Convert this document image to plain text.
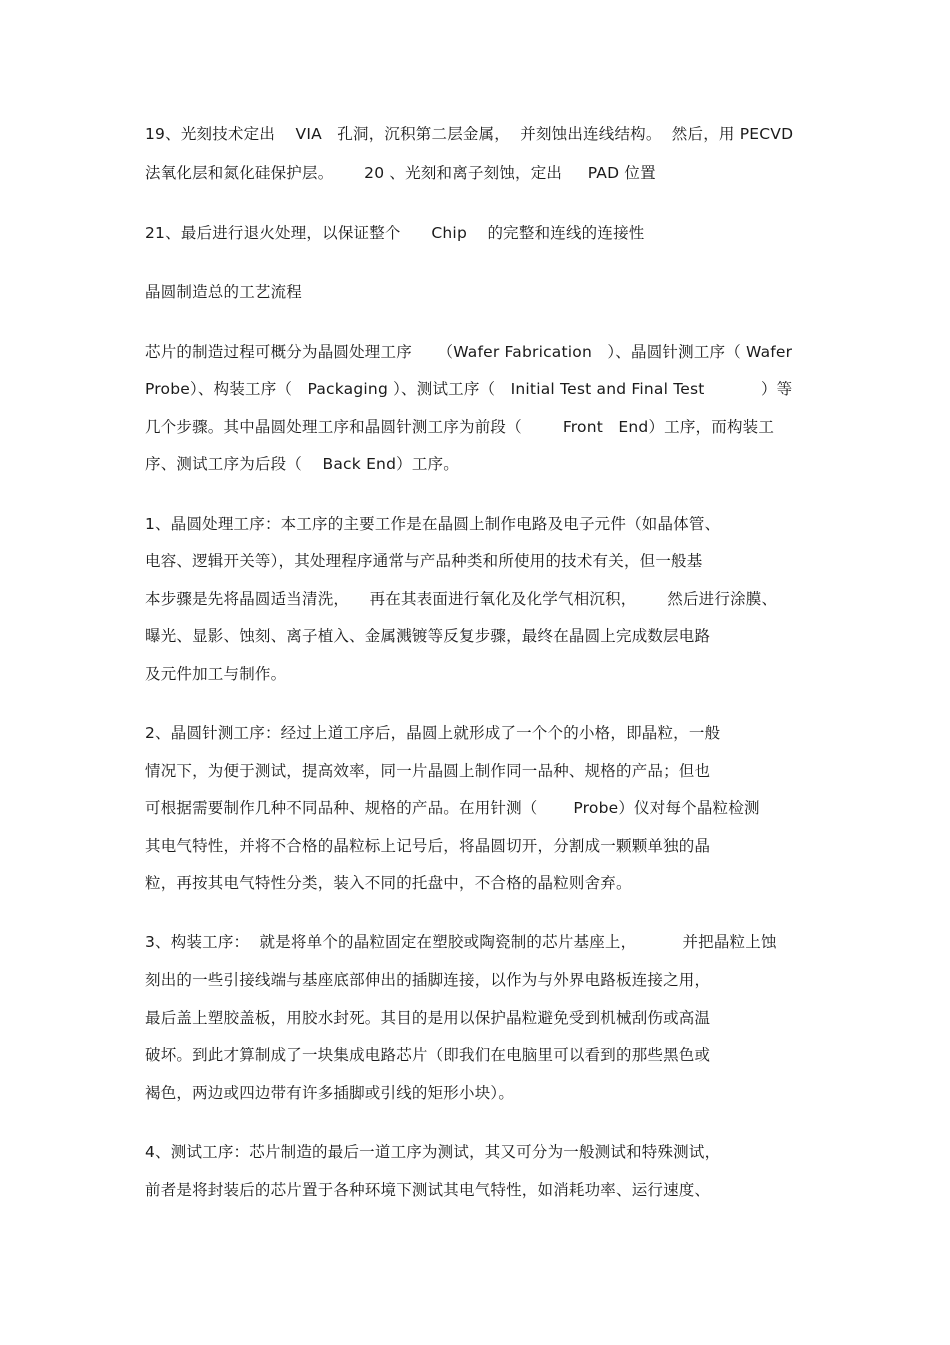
19、光刻技术定出    VIA   孔洞，沉积第二层金属，  并刻蚀出连线结构。  然后，用 PECVD
法氧化层和氮化硅保护层。      20 、光刻和离子刻蚀，定出     PAD 位置
21、最后进行退火处理，以保证整个      Chip    的完整和连线的连接性
晶圆制造总的工艺流程
芯片的制造过程可概分为晶圆处理工序     （Wafer Fabrication   ）、晶圆针测工序（ Wafer
Probe）、构装工序（   Packaging ）、测试工序（   Initial Test and Final Test           ）等
几个步骤。其中晶圆处理工序和晶圆针测工序为前段（        Front   End）工序，而构装工
序、测试工序为后段（    Back End）工序。
1、晶圆处理工序：本工序的主要工作是在晶圆上制作电路及电子元件（如晶体管、
电容、逻辑开关等），其处理程序通常与产品种类和所使用的技术有关，但一般基
本步骤是先将晶圆适当清洗，    再在其表面进行氧化及化学气相沉积，      然后进行涂膜、
曝光、显影、蚀刻、离子植入、金属溅镀等反复步骤，最终在晶圆上完成数层电路
及元件加工与制作。
2、晶圆针测工序：经过上道工序后，晶圆上就形成了一个个的小格，即晶粒，一般
情况下，为便于测试，提高效率，同一片晶圆上制作同一品种、规格的产品；但也
可根据需要制作几种不同品种、规格的产品。在用针测（       Probe）仪对每个晶粒检测
其电气特性，并将不合格的晶粒标上记号后，将晶圆切开，分割成一颗颗单独的晶
粒，再按其电气特性分类，装入不同的托盘中，不合格的晶粒则舍弃。
3、构装工序：  就是将单个的晶粒固定在塑胶或陶瓷制的芯片基座上，         并把晶粒上蚀
刻出的一些引接线端与基座底部伸出的插脚连接，以作为与外界电路板连接之用，
最后盖上塑胶盖板，用胶水封死。其目的是用以保护晶粒避免受到机械刮伤或高温
破坏。到此才算制成了一块集成电路芯片（即我们在电脑里可以看到的那些黑色或
褐色，两边或四边带有许多插脚或引线的矩形小块）。
4、测试工序：芯片制造的最后一道工序为测试，其又可分为一般测试和特殊测试，
前者是将封装后的芯片置于各种环境下测试其电气特性，如消耗功率、运行速度、
